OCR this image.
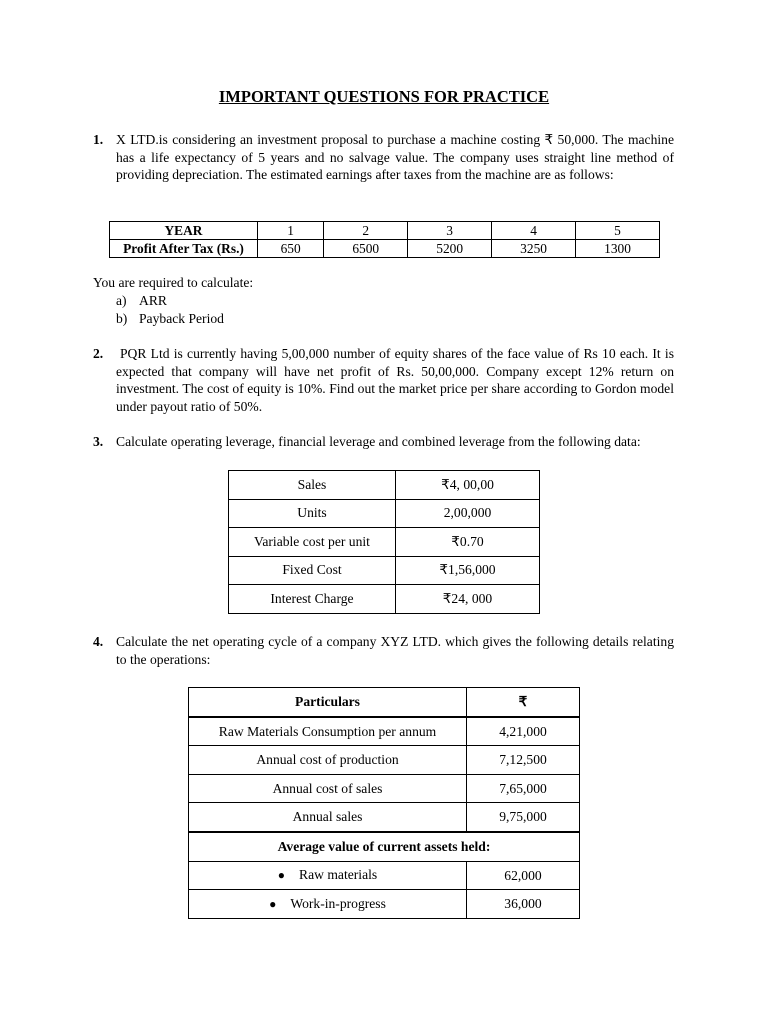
IMPORTANT QUESTIONS FOR PRACTICE
1. X LTD.is considering an investment proposal to purchase a machine costing ₹ 50,000. The machine has a life expectancy of 5 years and no salvage value. The company uses straight line method of providing depreciation. The estimated earnings after taxes from the machine are as follows:
YEAR	1	2	3	4	5
Profit After Tax (Rs.)	650	6500	5200	3250	1300
You are required to calculate:
a) ARR
b) Payback Period
2. PQR Ltd is currently having 5,00,000 number of equity shares of the face value of Rs 10 each. It is expected that company will have net profit of Rs. 50,00,000. Company except 12% return on investment. The cost of equity is 10%. Find out the market price per share according to Gordon model under payout ratio of 50%.
3. Calculate operating leverage, financial leverage and combined leverage from the following data:
Sales	₹4, 00,00
Units	2,00,000
Variable cost per unit	₹0.70
Fixed Cost	₹1,56,000
Interest Charge	₹24, 000
4. Calculate the net operating cycle of a company XYZ LTD. which gives the following details relating to the operations:
Particulars	₹
Raw Materials Consumption per annum	4,21,000
Annual cost of production	7,12,500
Annual cost of sales	7,65,000
Annual sales	9,75,000
Average value of current assets held:	
● Raw materials	62,000
● Work-in-progress	36,000
